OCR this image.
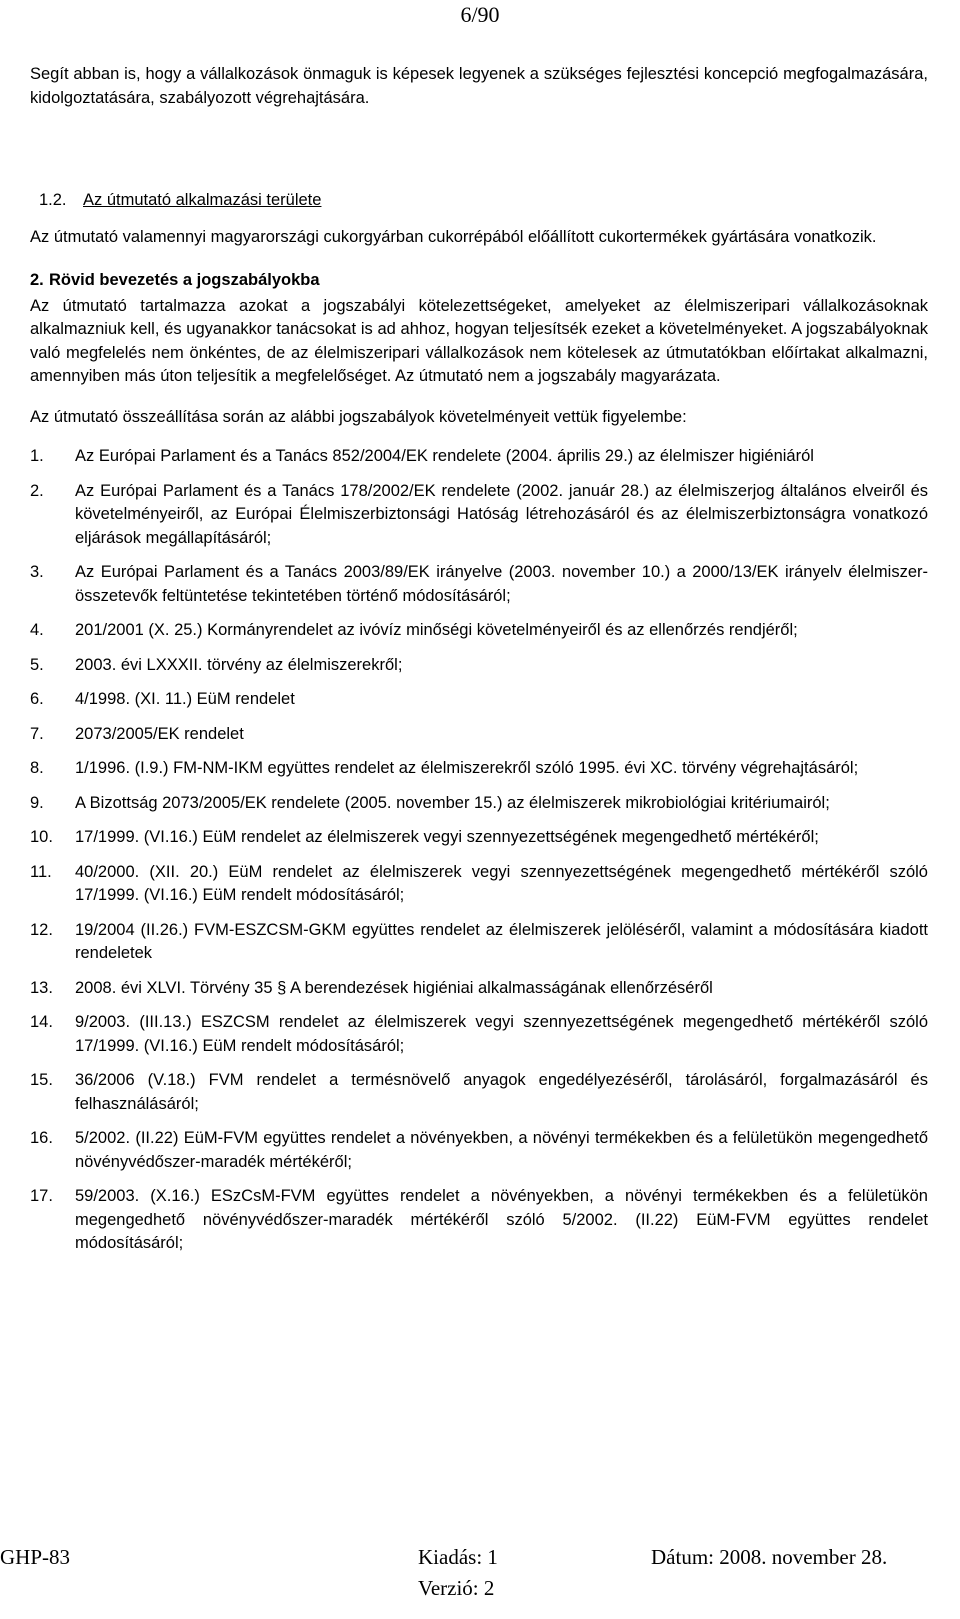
6/90

Segít abban is, hogy a vállalkozások önmaguk is képesek legyenek a szükséges fejlesztési koncepció megfogalmazására, kidolgoztatására, szabályozott végrehajtására.

1.2. Az útmutató alkalmazási területe

Az útmutató valamennyi magyarországi cukorgyárban cukorrépából előállított cukortermékek gyártására vonatkozik.

2. Rövid bevezetés a jogszabályokba

Az útmutató tartalmazza azokat a jogszabályi kötelezettségeket, amelyeket az élelmiszeripari vállalkozásoknak alkalmazniuk kell, és ugyanakkor tanácsokat is ad ahhoz, hogyan teljesítsék ezeket a követelményeket. A jogszabályoknak való megfelelés nem önkéntes, de az élelmiszeripari vállalkozások nem kötelesek az útmutatókban előírtakat alkalmazni, amennyiben más úton teljesítik a megfelelőséget. Az útmutató nem a jogszabály magyarázata.

Az útmutató összeállítása során az alábbi jogszabályok követelményeit vettük figyelembe:

1. Az Európai Parlament és a Tanács 852/2004/EK rendelete (2004. április 29.) az élelmiszer higiéniáról
2. Az Európai Parlament és a Tanács 178/2002/EK rendelete (2002. január 28.) az élelmiszerjog általános elveiről és követelményeiről, az Európai Élelmiszerbiztonsági Hatóság létrehozásáról és az élelmiszerbiztonságra vonatkozó eljárások megállapításáról;
3. Az Európai Parlament és a Tanács 2003/89/EK irányelve (2003. november 10.) a 2000/13/EK irányelv élelmiszer-összetevők feltüntetése tekintetében történő módosításáról;
4. 201/2001 (X. 25.) Kormányrendelet az ivóvíz minőségi követelményeiről és az ellenőrzés rendjéről;
5. 2003. évi LXXXII. törvény az élelmiszerekről;
6. 4/1998. (XI. 11.) EüM rendelet
7. 2073/2005/EK rendelet
8. 1/1996. (I.9.) FM-NM-IKM együttes rendelet az élelmiszerekről szóló 1995. évi XC. törvény végrehajtásáról;
9. A Bizottság 2073/2005/EK rendelete (2005. november 15.) az élelmiszerek mikrobiológiai kritériumairól;
10. 17/1999. (VI.16.) EüM rendelet az élelmiszerek vegyi szennyezettségének megengedhető mértékéről;
11. 40/2000. (XII. 20.) EüM rendelet az élelmiszerek vegyi szennyezettségének megengedhető mértékéről szóló 17/1999. (VI.16.) EüM rendelt módosításáról;
12. 19/2004 (II.26.) FVM-ESZCSM-GKM együttes rendelet az élelmiszerek jelöléséről, valamint a módosítására kiadott rendeletek
13. 2008. évi XLVI. Törvény 35 § A berendezések higiéniai alkalmasságának ellenőrzéséről
14. 9/2003. (III.13.) ESZCSM rendelet az élelmiszerek vegyi szennyezettségének megengedhető mértékéről szóló 17/1999. (VI.16.) EüM rendelt módosításáról;
15. 36/2006 (V.18.) FVM rendelet a termésnövelő anyagok engedélyezéséről, tárolásáról, forgalmazásáról és felhasználásáról;
16. 5/2002. (II.22) EüM-FVM együttes rendelet a növényekben, a növényi termékekben és a felületükön megengedhető növényvédőszer-maradék mértékéről;
17. 59/2003. (X.16.) ESzCsM-FVM együttes rendelet a növényekben, a növényi termékekben és a felületükön megengedhető növényvédőszer-maradék mértékéről szóló 5/2002. (II.22) EüM-FVM együttes rendelet módosításáról;
GHP-83	Kiadás: 1	Dátum: 2008. november 28.
Verzió: 2
